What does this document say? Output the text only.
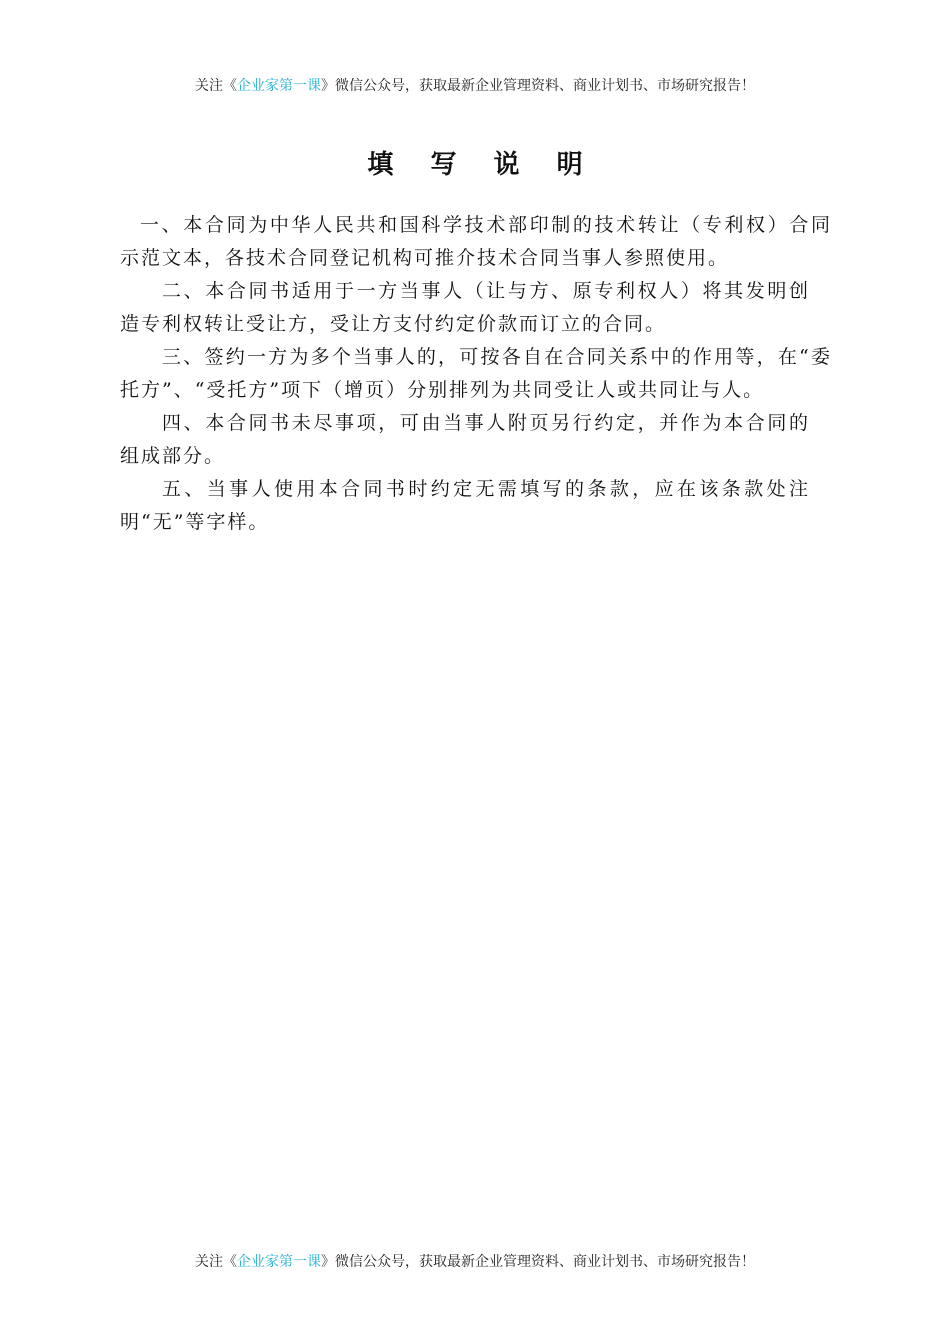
关注《企业家第一课》微信公众号，获取最新企业管理资料、商业计划书、市场研究报告！
填 写 说 明

一、本合同为中华人民共和国科学技术部印制的技术转让（专利权）合同示范文本，各技术合同登记机构可推介技术合同当事人参照使用。

二、本合同书适用于一方当事人（让与方、原专利权人）将其发明创造专利权转让受让方，受让方支付约定价款而订立的合同。

三、签约一方为多个当事人的，可按各自在合同关系中的作用等，在“委托方”、“受托方”项下（增页）分别排列为共同受让人或共同让与人。

四、本合同书未尽事项，可由当事人附页另行约定，并作为本合同的组成部分。

五、当事人使用本合同书时约定无需填写的条款，应在该条款处注明“无”等字样。

关注《企业家第一课》微信公众号，获取最新企业管理资料、商业计划书、市场研究报告！
